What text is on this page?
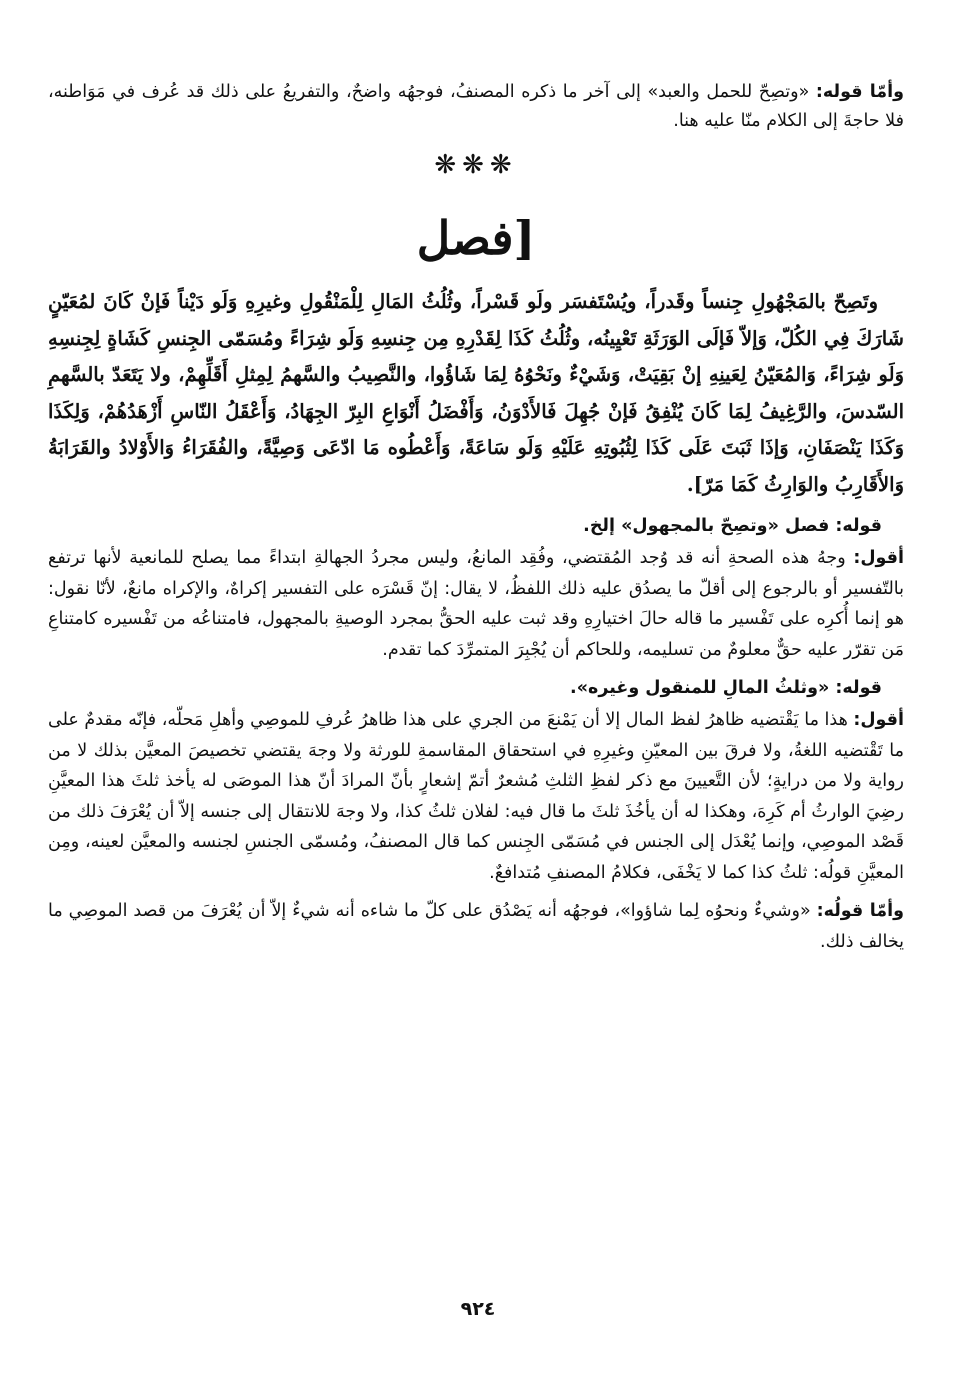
وأمّا قوله: «وتصِحّ للحمل والعبد» إلى آخر ما ذكره المصنفُ، فوجهُه واضحٌ، والتفريعُ على ذلك قد عُرف في مَوَاطنه، فلا حاجةَ إلى الكلام منّا عليه هنا.

❋❋❋
[فصل

وتَصِحّ بالمَجْهُولِ جِنساً وقَدراً، ويُسْتَفسَر ولَو قَسْراً، وثُلُثُ المَالِ لِلْمَنْقُولِ وغيرِهِ وَلَو دَيْناً فَإنْ كَانَ لمُعَيّنٍ شَارَكَ فِي الكُلّ، وَإلاّ فَإلَى الوَرَثَةِ تَعْيِينُه، وثُلُثُ كَذَا لِقَدْرِهِ مِن جِنسِهِ وَلَو شِرَاءً ومُسَمّى الجِنسِ كَشَاةٍ لِجِنسِهِ وَلَو شِرَاءً، وَالمُعَيّنُ لِعَينِهِ إنْ بَقِيَتْ، وَشَيْءٌ ونَحْوُهُ لِمَا شَاؤُوا، والنَّصِيبُ والسَّهمُ لِمِثلِ أَقَلِّهِمْ، ولا يَتَعَدّ بالسَّهمِ السّدسَ، والرَّغِيفُ لِمَا كَانَ يُنْفِقُ فَإنْ جُهِلَ فَالأَدْوَنُ، وَأَفْضَلُ أَنْوَاعِ البِرّ الجِهَادُ، وَأَعْقَلُ النّاسِ أَزْهَدُهُمْ، وَلِكَذَا وَكَذَا يَنْصَفَانِ، وَإذَا ثَبَتَ عَلَى كَذَا لِثُبُوتِهِ عَلَيْهِ وَلَو سَاعَةً، وَأَعْطُوه مَا ادّعَى وَصِيَّةً، والفُقَرَاءُ وَالأَوْلادُ والقَرَابَةُ وَالأَقَارِبُ والوَارِثُ كَمَا مَرّ].

قوله: فصل «وتصِحّ بالمجهول» إلخ.

أقول: وجهُ هذه الصحةِ أنه قد وُجد المُقتضي، وفُقِد المانعُ، وليس مجردُ الجهالةِ ابتداءً مما يصلح للمانعية لأنها ترتفع بالتّفسير أو بالرجوع إلى أقلّ ما يصدُق عليه ذلك اللفظُ، لا يقال: إنّ قَسْرَه على التفسير إكراهٌ، والإكراه مانعٌ، لأنّا نقول: هو إنما أُكرِه على تَفْسير ما قاله حالَ اختيارِهِ وقد ثبت عليه الحقُّ بمجرد الوصيةِ بالمجهول، فامتناعُه من تَفْسيره كامتناعِ مَن تقرّر عليه حقٌّ معلومٌ من تسليمه، وللحاكم أن يُجْبِرَ المتمرِّدَ كما تقدم.

قوله: «وثلثُ المالِ للمنقول وغيره».

أقول: هذا ما يَقْتضيه ظاهرُ لفظ المال إلا أن يَمْنعَ من الجري على هذا ظاهرُ عُرفِ للموصِي وأهلِ مَحلّه، فإنّه مقدمٌ على ما تَقْتضيه اللغةُ، ولا فرقَ بين المعيّنِ وغيرِهِ في استحقاق المقاسمةِ للورثة ولا وجهَ يقتضي تخصيصَ المعيَّن بذلك لا من رواية ولا من درايةٍ؛ لأن التَّعيينَ مع ذكر لفظِ الثلثِ مُشعرٌ أتمّ إشعارٍ بأنّ المرادَ أنّ هذا الموصَى له يأخذ ثلثَ هذا المعيَّنِ رضِيَ الوارثُ أم كَرِهَ، وهكذا له أن يأخُذَ ثلثَ ما قال فيه: لفلان ثلثُ كذا، ولا وجهَ للانتقال إلى جنسه إلاّ أن يُعْرَفَ ذلك من قَصْد الموصِي، وإنما يُعْدَل إلى الجنس في مُسَمّى الجِنس كما قال المصنفُ، ومُسمّى الجنسِ لجنسه والمعيَّن لعينه، ومِن المعيَّنِ قولُه: ثلثُ كذا كما لا يَخْفَى، فكلامُ المصنفِ مُتدافعٌ.

وأمّا قولُه: «وشيءٌ ونحوُه لِما شاؤوا»، فوجهُه أنه يَصْدُق على كلّ ما شاءه أنه شيءٌ إلاّ أن يُعْرَفَ من قصد الموصِي ما يخالف ذلك.

٩٢٤
